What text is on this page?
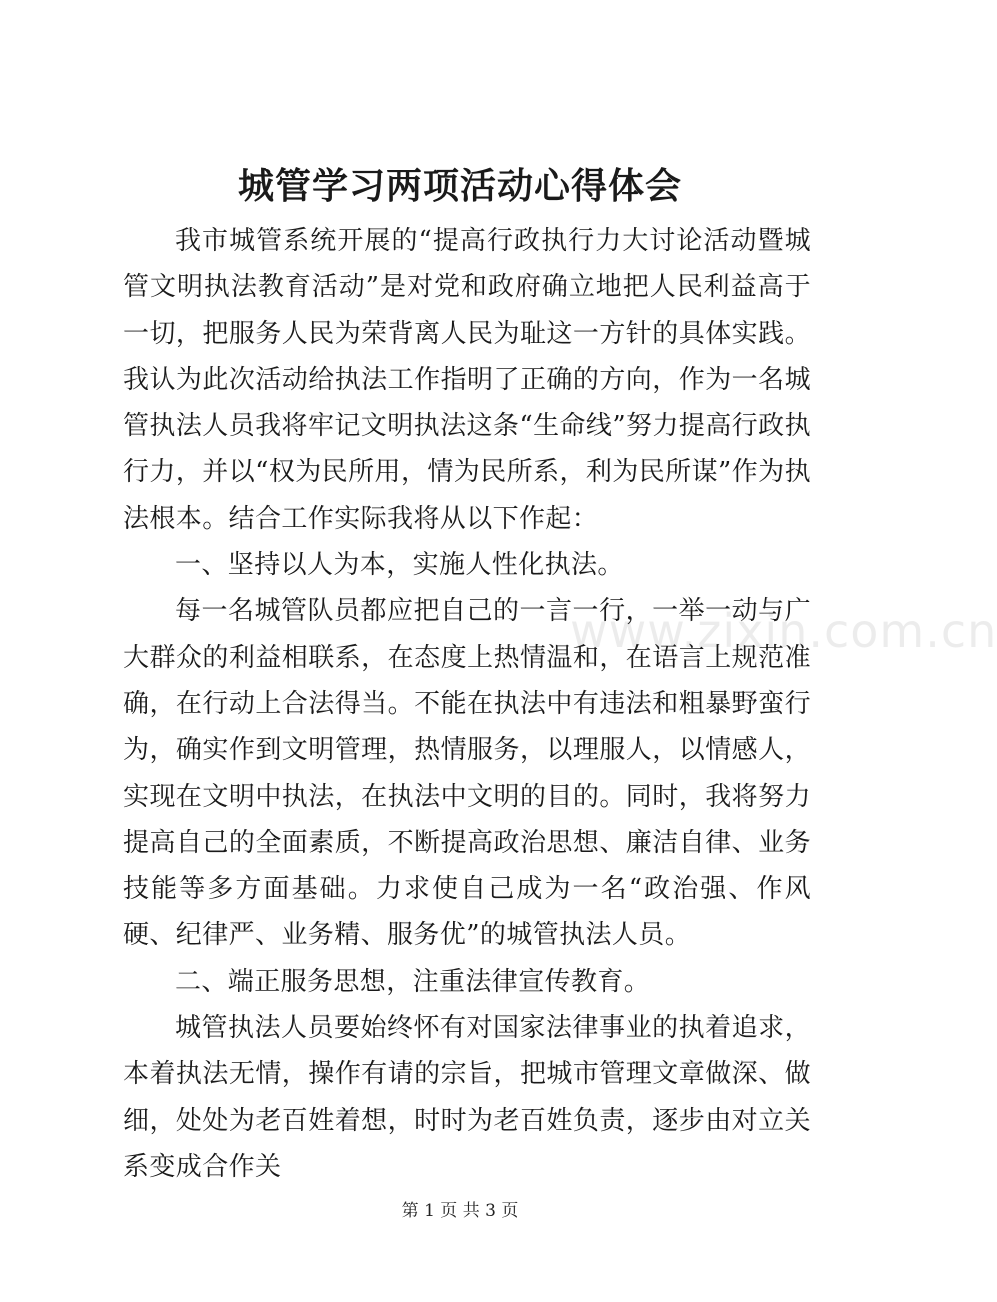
城管学习两项活动心得体会

我市城管系统开展的“提高行政执行力大讨论活动暨城管文明执法教育活动”是对党和政府确立地把人民利益高于一切，把服务人民为荣背离人民为耻这一方针的具体实践。我认为此次活动给执法工作指明了正确的方向，作为一名城管执法人员我将牢记文明执法这条“生命线”努力提高行政执行力，并以“权为民所用，情为民所系，利为民所谋”作为执法根本。结合工作实际我将从以下作起：

一、坚持以人为本，实施人性化执法。

每一名城管队员都应把自己的一言一行，一举一动与广大群众的利益相联系，在态度上热情温和，在语言上规范准确，在行动上合法得当。不能在执法中有违法和粗暴野蛮行为，确实作到文明管理，热情服务，以理服人，以情感人，实现在文明中执法，在执法中文明的目的。同时，我将努力提高自己的全面素质，不断提高政治思想、廉洁自律、业务技能等多方面基础。力求使自己成为一名“政治强、作风硬、纪律严、业务精、服务优”的城管执法人员。

二、端正服务思想，注重法律宣传教育。

城管执法人员要始终怀有对国家法律事业的执着追求，本着执法无情，操作有请的宗旨，把城市管理文章做深、做细，处处为老百姓着想，时时为老百姓负责，逐步由对立关系变成合作关

www.zixin.com.cn
第 1 页 共 3 页
